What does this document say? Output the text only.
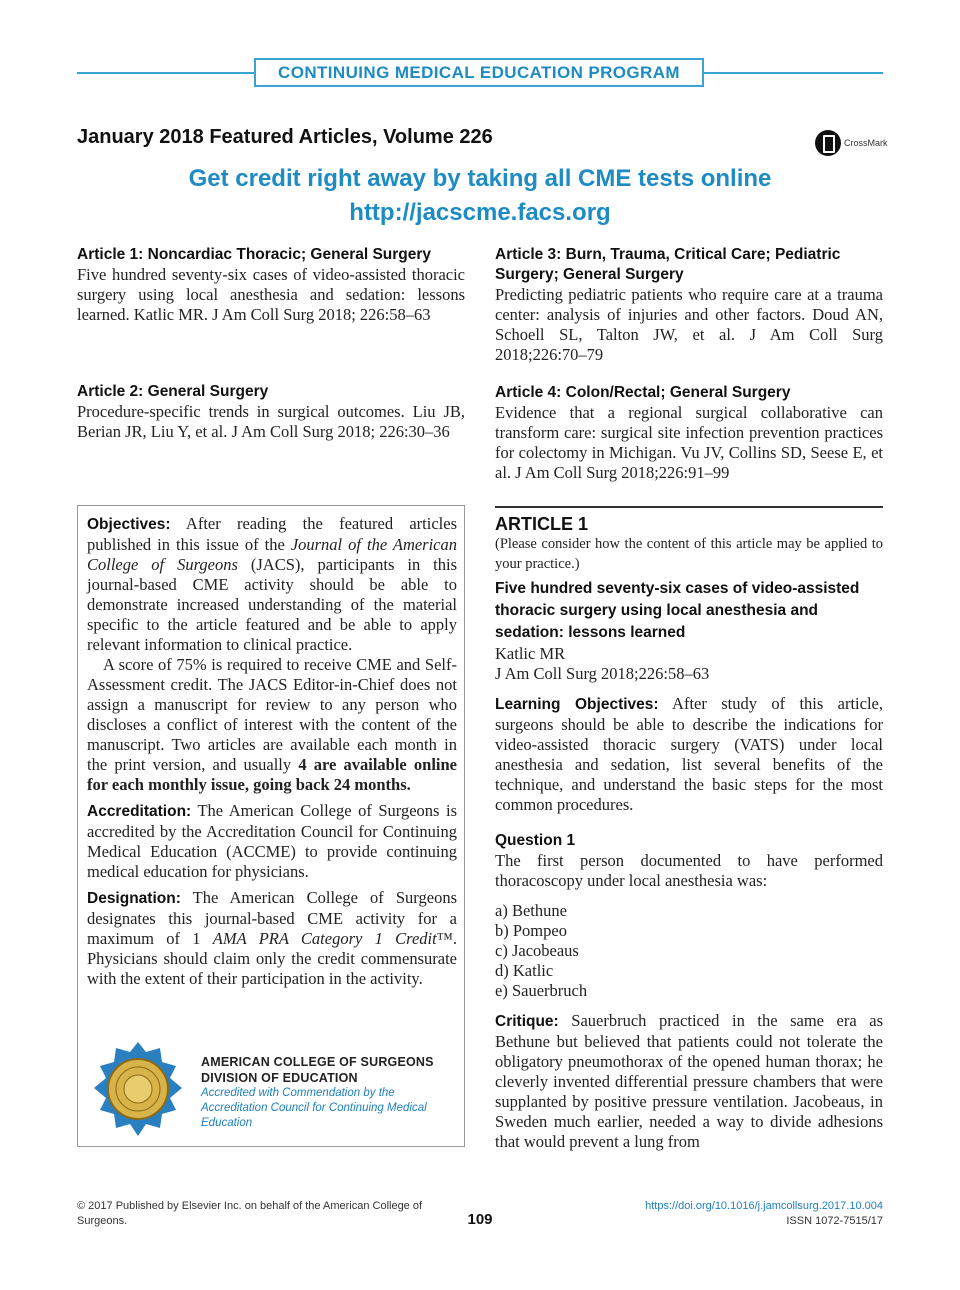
CONTINUING MEDICAL EDUCATION PROGRAM
January 2018 Featured Articles, Volume 226	CrossMark
Get credit right away by taking all CME tests online
http://jacscme.facs.org
Article 1: Noncardiac Thoracic; General Surgery
Five hundred seventy-six cases of video-assisted thoracic surgery using local anesthesia and sedation: lessons learned. Katlic MR. J Am Coll Surg 2018; 226:58‒63
Article 2: General Surgery
Procedure-specific trends in surgical outcomes. Liu JB, Berian JR, Liu Y, et al. J Am Coll Surg 2018; 226:30‒36
Article 3: Burn, Trauma, Critical Care; Pediatric Surgery; General Surgery
Predicting pediatric patients who require care at a trauma center: analysis of injuries and other factors. Doud AN, Schoell SL, Talton JW, et al. J Am Coll Surg 2018;226:70‒79
Article 4: Colon/Rectal; General Surgery
Evidence that a regional surgical collaborative can transform care: surgical site infection prevention practices for colectomy in Michigan. Vu JV, Collins SD, Seese E, et al. J Am Coll Surg 2018;226:91‒99

Objectives: After reading the featured articles published in this issue of the Journal of the American College of Surgeons (JACS), participants in this journal-based CME activity should be able to demonstrate increased understanding of the material specific to the article featured and be able to apply relevant information to clinical practice.

A score of 75% is required to receive CME and Self-Assessment credit. The JACS Editor-in-Chief does not assign a manuscript for review to any person who discloses a conflict of interest with the content of the manuscript. Two articles are available each month in the print version, and usually 4 are available online for each monthly issue, going back 24 months.

Accreditation: The American College of Surgeons is accredited by the Accreditation Council for Continuing Medical Education (ACCME) to provide continuing medical education for physicians.

Designation: The American College of Surgeons designates this journal-based CME activity for a maximum of 1 AMA PRA Category 1 Credit™. Physicians should claim only the credit commensurate with the extent of their participation in the activity.

AMERICAN COLLEGE OF SURGEONS
DIVISION OF EDUCATION
Accredited with Commendation by the
Accreditation Council for Continuing Medical Education
ARTICLE 1
(Please consider how the content of this article may be applied to your practice.)
Five hundred seventy-six cases of video-assisted thoracic surgery using local anesthesia and sedation: lessons learned
Katlic MR
J Am Coll Surg 2018;226:58‒63

Learning Objectives: After study of this article, surgeons should be able to describe the indications for video-assisted thoracic surgery (VATS) under local anesthesia and sedation, list several benefits of the technique, and understand the basic steps for the most common procedures.

Question 1
The first person documented to have performed thoracoscopy under local anesthesia was:
a) Bethune
b) Pompeo
c) Jacobeaus
d) Katlic
e) Sauerbruch

Critique: Sauerbruch practiced in the same era as Bethune but believed that patients could not tolerate the obligatory pneumothorax of the opened human thorax; he cleverly invented differential pressure chambers that were supplanted by positive pressure ventilation. Jacobeaus, in Sweden much earlier, needed a way to divide adhesions that would prevent a lung from

© 2017 Published by Elsevier Inc. on behalf of the American College of
Surgeons.	109
https://doi.org/10.1016/j.jamcollsurg.2017.10.004
ISSN 1072-7515/17
